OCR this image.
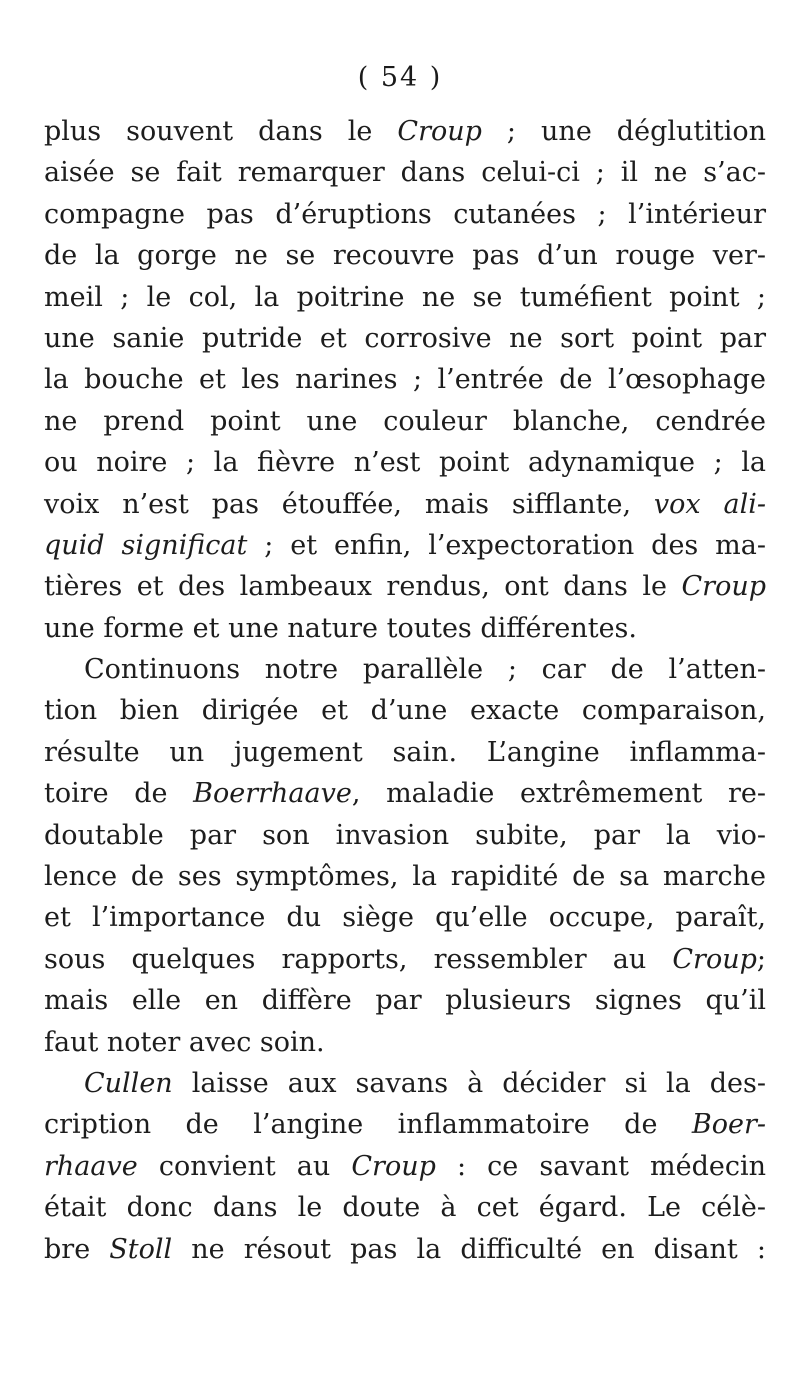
( 54 )
plus souvent dans le Croup ; une déglutition
aisée se fait remarquer dans celui-ci ; il ne s’ac-
compagne pas d’éruptions cutanées ; l’intérieur
de la gorge ne se recouvre pas d’un rouge ver-
meil ; le col, la poitrine ne se tuméfient point ;
une sanie putride et corrosive ne sort point par
la bouche et les narines ; l’entrée de l’œsophage
ne prend point une couleur blanche, cendrée
ou noire ; la fièvre n’est point adynamique ; la
voix n’est pas étouffée, mais sifflante, vox ali-
quid significat ; et enfin, l’expectoration des ma-
tières et des lambeaux rendus, ont dans le Croup
une forme et une nature toutes différentes.
Continuons notre parallèle ; car de l’atten-
tion bien dirigée et d’une exacte comparaison,
résulte un jugement sain. L’angine inflamma-
toire de Boerrhaave, maladie extrêmement re-
doutable par son invasion subite, par la vio-
lence de ses symptômes, la rapidité de sa marche
et l’importance du siège qu’elle occupe, paraît,
sous quelques rapports, ressembler au Croup;
mais elle en diffère par plusieurs signes qu’il
faut noter avec soin.
Cullen laisse aux savans à décider si la des-
cription de l’angine inflammatoire de Boer-
rhaave convient au Croup : ce savant médecin
était donc dans le doute à cet égard. Le célè-
bre Stoll ne résout pas la difficulté en disant :
